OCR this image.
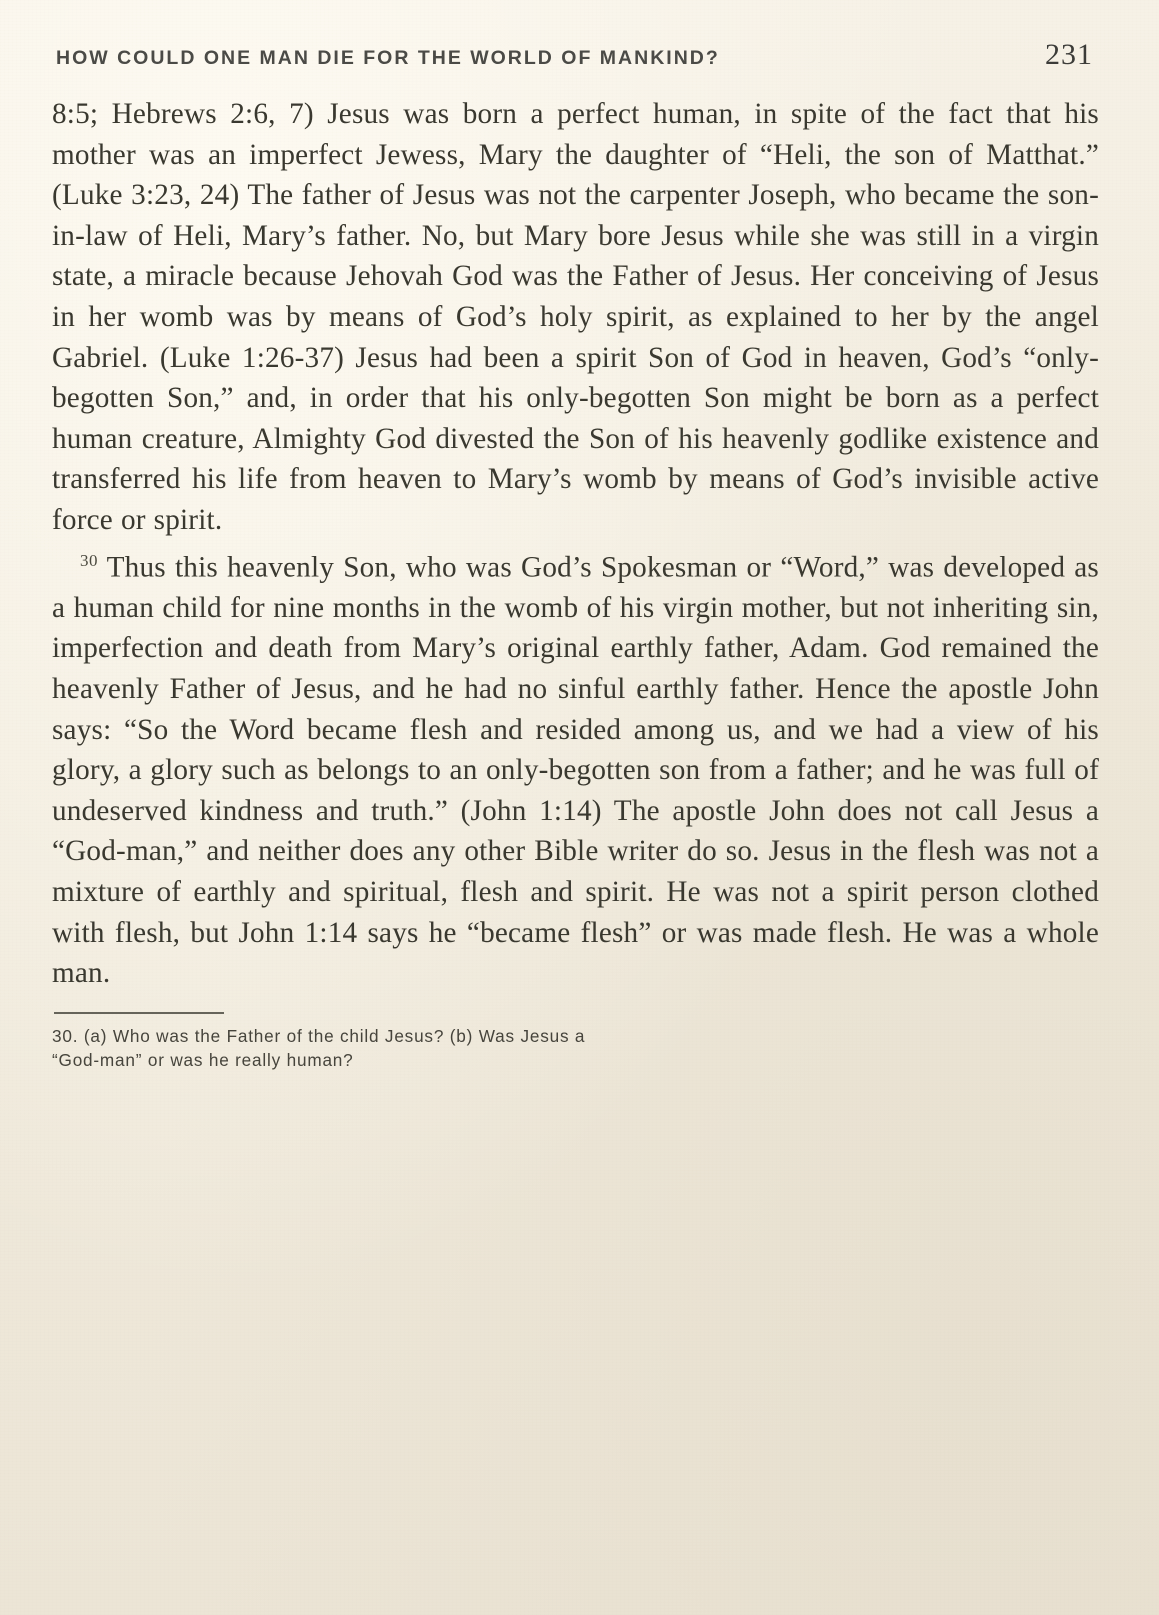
HOW COULD ONE MAN DIE FOR THE WORLD OF MANKIND?	231

8:5; Hebrews 2:6, 7) Jesus was born a perfect human, in spite of the fact that his mother was an imperfect Jewess, Mary the daughter of “Heli, the son of Matthat.” (Luke 3:23, 24) The father of Jesus was not the carpenter Joseph, who became the son-in-law of Heli, Mary’s father. No, but Mary bore Jesus while she was still in a virgin state, a miracle because Jehovah God was the Father of Jesus. Her conceiving of Jesus in her womb was by means of God’s holy spirit, as explained to her by the angel Gabriel. (Luke 1:26-37) Jesus had been a spirit Son of God in heaven, God’s “only-begotten Son,” and, in order that his only-begotten Son might be born as a perfect human creature, Almighty God divested the Son of his heavenly godlike existence and transferred his life from heaven to Mary’s womb by means of God’s invisible active force or spirit.

$^{30}$ Thus this heavenly Son, who was God’s Spokesman or “Word,” was developed as a human child for nine months in the womb of his virgin mother, but not inheriting sin, imperfection and death from Mary’s original earthly father, Adam. God remained the heavenly Father of Jesus, and he had no sinful earthly father. Hence the apostle John says: “So the Word became flesh and resided among us, and we had a view of his glory, a glory such as belongs to an only-begotten son from a father; and he was full of undeserved kindness and truth.” (John 1:14) The apostle John does not call Jesus a “God-man,” and neither does any other Bible writer do so. Jesus in the flesh was not a mixture of earthly and spiritual, flesh and spirit. He was not a spirit person clothed with flesh, but John 1:14 says he “became flesh” or was made flesh. He was a whole man.

30. (a) Who was the Father of the child Jesus? (b) Was Jesus a
“God-man” or was he really human?
